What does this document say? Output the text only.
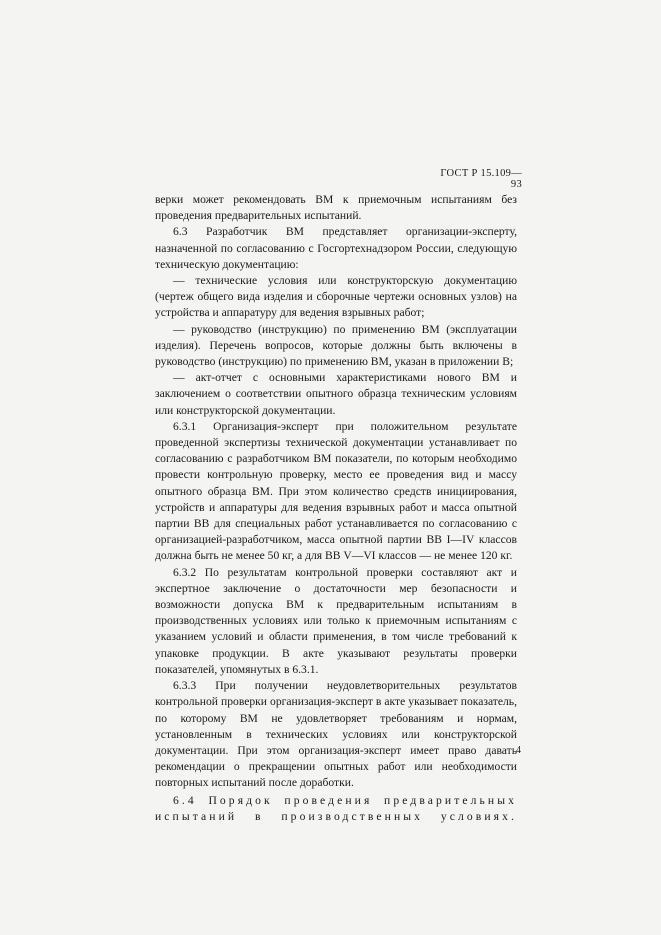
ГОСТ Р 15.109—93

верки может рекомендовать ВМ к приемочным испытаниям без проведения предварительных испытаний.

6.3 Разработчик ВМ представляет организации-эксперту, назначенной по согласованию с Госгортехнадзором России, следующую техническую документацию:

— технические условия или конструкторскую документацию (чертеж общего вида изделия и сборочные чертежи основных узлов) на устройства и аппаратуру для ведения взрывных работ;

— руководство (инструкцию) по применению ВМ (эксплуатации изделия). Перечень вопросов, которые должны быть включены в руководство (инструкцию) по применению ВМ, указан в приложении В;

— акт-отчет с основными характеристиками нового ВМ и заключением о соответствии опытного образца техническим условиям или конструкторской документации.

6.3.1 Организация-эксперт при положительном результате проведенной экспертизы технической документации устанавливает по согласованию с разработчиком ВМ показатели, по которым необходимо провести контрольную проверку, место ее проведения вид и массу опытного образца ВМ. При этом количество средств инициирования, устройств и аппаратуры для ведения взрывных работ и масса опытной партии ВВ для специальных работ устанавливается по согласованию с организацией-разработчиком, масса опытной партии ВВ I—IV классов должна быть не менее 50 кг, а для ВВ V—VI классов — не менее 120 кг.

6.3.2 По результатам контрольной проверки составляют акт и экспертное заключение о достаточности мер безопасности и возможности допуска ВМ к предварительным испытаниям в производственных условиях или только к приемочным испытаниям с указанием условий и области применения, в том числе требований к упаковке продукции. В акте указывают результаты проверки показателей, упомянутых в 6.3.1.

6.3.3 При получении неудовлетворительных результатов контрольной проверки организация-эксперт в акте указывает показатель, по которому ВМ не удовлетворяет требованиям и нормам, установленным в технических условиях или конструкторской документации. При этом организация-эксперт имеет право давать рекомендации о прекращении опытных работ или необходимости повторных испытаний после доработки.

6.4 Порядок проведения предварительных

испытаний в производственных условиях.

4
